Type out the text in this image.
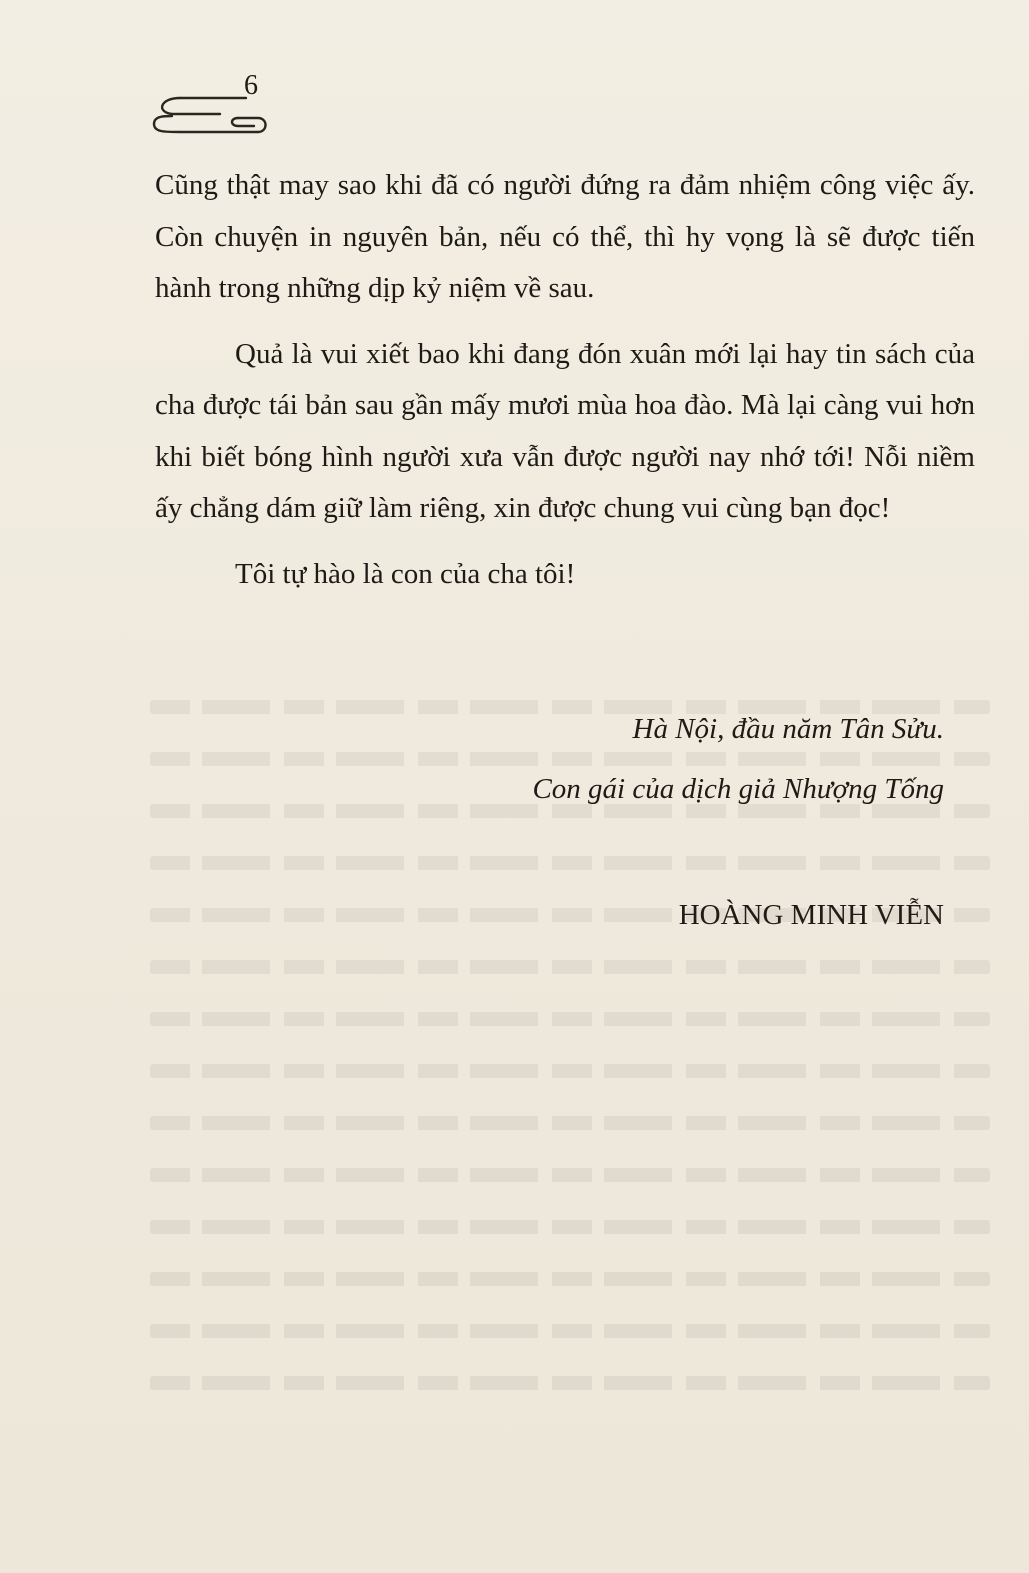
6

Cũng thật may sao khi đã có người đứng ra đảm nhiệm công việc ấy. Còn chuyện in nguyên bản, nếu có thể, thì hy vọng là sẽ được tiến hành trong những dịp kỷ niệm về sau.

Quả là vui xiết bao khi đang đón xuân mới lại hay tin sách của cha được tái bản sau gần mấy mươi mùa hoa đào. Mà lại càng vui hơn khi biết bóng hình người xưa vẫn được người nay nhớ tới! Nỗi niềm ấy chẳng dám giữ làm riêng, xin được chung vui cùng bạn đọc!

Tôi tự hào là con của cha tôi!

Hà Nội, đầu năm Tân Sửu.
Con gái của dịch giả Nhượng Tống
HOÀNG MINH VIỄN
